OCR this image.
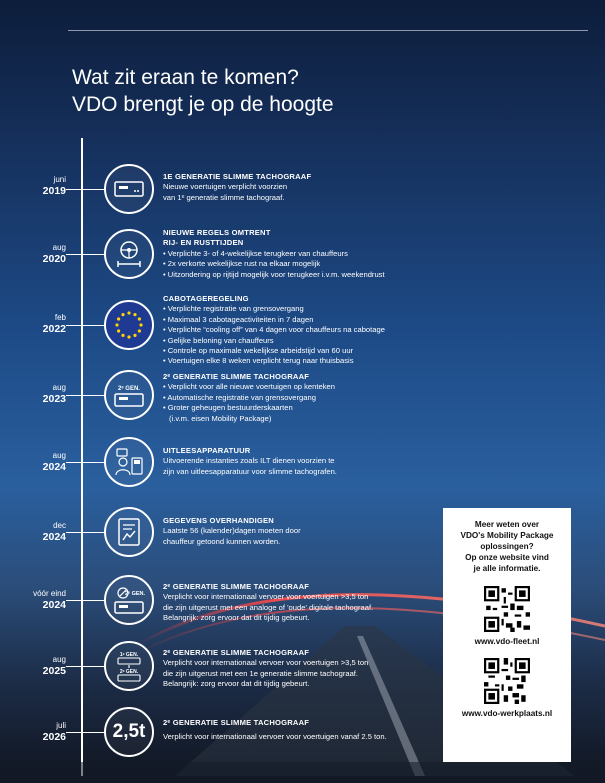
Wat zit eraan te komen?
VDO brengt je op de hoogte
juni
2019
1E GENERATIE SLIMME TACHOGRAAF
Nieuwe voertuigen verplicht voorzien
van 1ᵉ generatie slimme tachograaf.
aug
2020
NIEUWE REGELS OMTRENT
RIJ- EN RUSTTIJDEN
• Verplichte 3- of 4-wekelijkse terugkeer van chauffeurs
• 2x verkorte wekelijkse rust na elkaar mogelijk
• Uitzondering op rijtijd mogelijk voor terugkeer i.v.m. weekendrust
feb
2022
CABOTAGEREGELING
• Verplichte registratie van grensovergang
• Maximaal 3 cabotageactiviteiten in 7 dagen
• Verplichte “cooling off” van 4 dagen voor chauffeurs na cabotage
• Gelijke beloning van chauffeurs
• Controle op maximale wekelijkse arbeidstijd van 60 uur
• Voertuigen elke 8 weken verplicht terug naar thuisbasis
aug
2023
2ᵉ GEN.
2ᵉ GENERATIE SLIMME TACHOGRAAF
• Verplicht voor alle nieuwe voertuigen op kenteken
• Automatische registratie van grensovergang
• Groter geheugen bestuurderskaarten
(i.v.m. eisen Mobility Package)
aug
2024
UITLEESAPPARATUUR
Uitvoerende instanties zoals ILT dienen voorzien te
zijn van uitleesapparatuur voor slimme tachografen.
dec
2024
GEGEVENS OVERHANDIGEN
Laatste 56 (kalender)dagen moeten door
chauffeur getoond kunnen worden.
vóór eind
2024
2ᵉ GEN.
2ᵉ GENERATIE SLIMME TACHOGRAAF
Verplicht voor internationaal vervoer voor voertuigen >3,5 ton
die zijn uitgerust met een analoge of 'oude' digitale tachograaf.
Belangrijk: zorg ervoor dat dit tijdig gebeurt.
aug
2025
1ᵉ GEN.
2ᵉ GEN.
2ᵉ GENERATIE SLIMME TACHOGRAAF
Verplicht voor internationaal vervoer voor voertuigen >3,5 ton
die zijn uitgerust met een 1e generatie slimme tachograaf.
Belangrijk: zorg ervoor dat dit tijdig gebeurt.
juli
2026 2,5t 2ᵉ GENERATIE SLIMME TACHOGRAAF
Verplicht voor internationaal vervoer voor voertuigen vanaf 2.5 ton.
Meer weten over
VDO's Mobility Package
oplossingen?
Op onze website vind
je alle informatie.
www.vdo-fleet.nl
www.vdo-werkplaats.nl
